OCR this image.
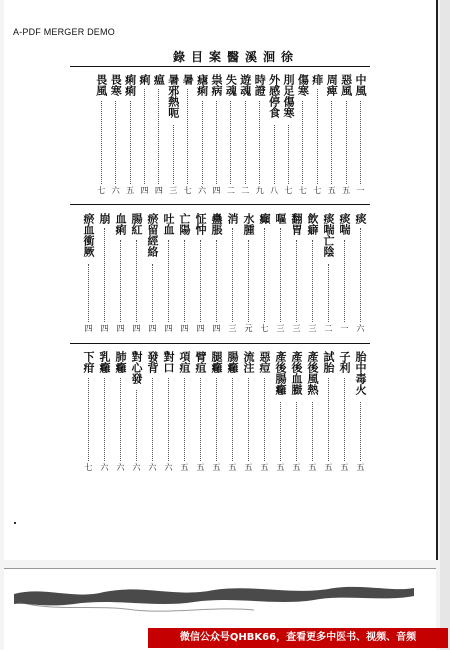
A-PDF MERGER DEMO
徐洄溪醫案目錄
中風
一
惡風
五
周痺
五
痱
七
傷寒
七
刖足傷寒
七
外感停食
八
時證
九
遊魂
二
失魂
二
祟病
四
瘧痢
六
暑
七
暑邪熱呃
三
瘟
四
痢
四
痢痢
五
畏寒
六
畏風
七
痰
六
痰喘
一
痰喘亡陰
二
飲癖
三
翻胃
三
嘔
三
癲
七
水腫
元
消
三
蠱脹
四
怔忡
四
亡陽
四
吐血
四
瘀留經絡
四
腸紅
四
血痢
四
崩
四
瘀血衝厥
四
胎中毒火
五
子利
五
試胎
五
產後風熱
五
產後血臌
五
產後腸癰
五
惡痘
五
流注
五
腸癰
五
腿癰
五
臂疽
五
項疽
五
對口
六
發背
六
對心發
六
肺癰
六
乳癰
六
下疳
七
微信公众号QHBK66，查看更多中医书、视频、音频
